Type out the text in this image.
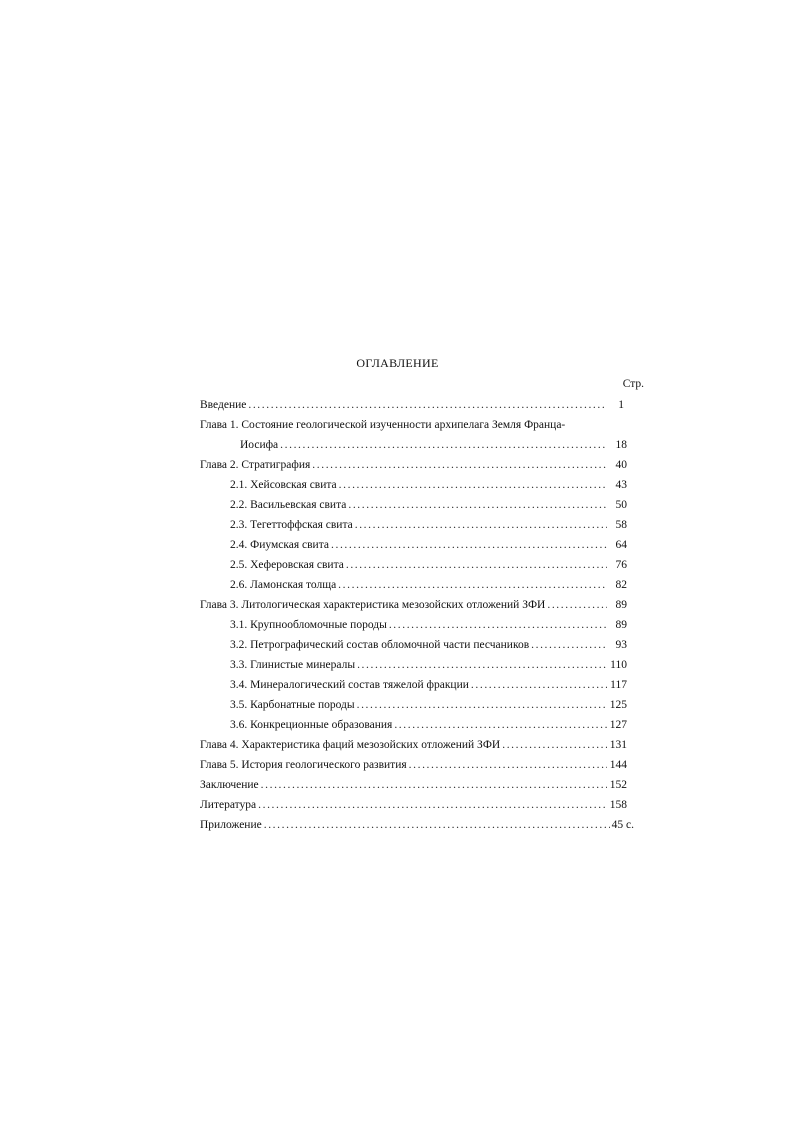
ОГЛАВЛЕНИЕ
Стр.
Введение .....	1
Глава 1. Состояние геологической изученности архипелага Земля Франца-
Иосифа .....	18
Глава 2. Стратиграфия .....	40
2.1. Хейсовская свита .....	43
2.2. Васильевская свита .....	50
2.3. Тегеттоффская свита .....	58
2.4. Фиумская свита .....	64
2.5. Хеферовская свита .....	76
2.6. Ламонская толща .....	82
Глава 3. Литологическая характеристика мезозойских отложений ЗФИ .....	89
3.1. Крупнообломочные породы .....	89
3.2. Петрографический состав обломочной части песчаников .....	93
3.3. Глинистые минералы .....	110
3.4. Минералогический состав тяжелой фракции .....	117
3.5. Карбонатные породы .....	125
3.6. Конкреционные образования .....	127
Глава 4. Характеристика фаций мезозойских отложений ЗФИ .....	131
Глава 5. История геологического развития .....	144
Заключение .....	152
Литература .....	158
Приложение .....	45 с.
